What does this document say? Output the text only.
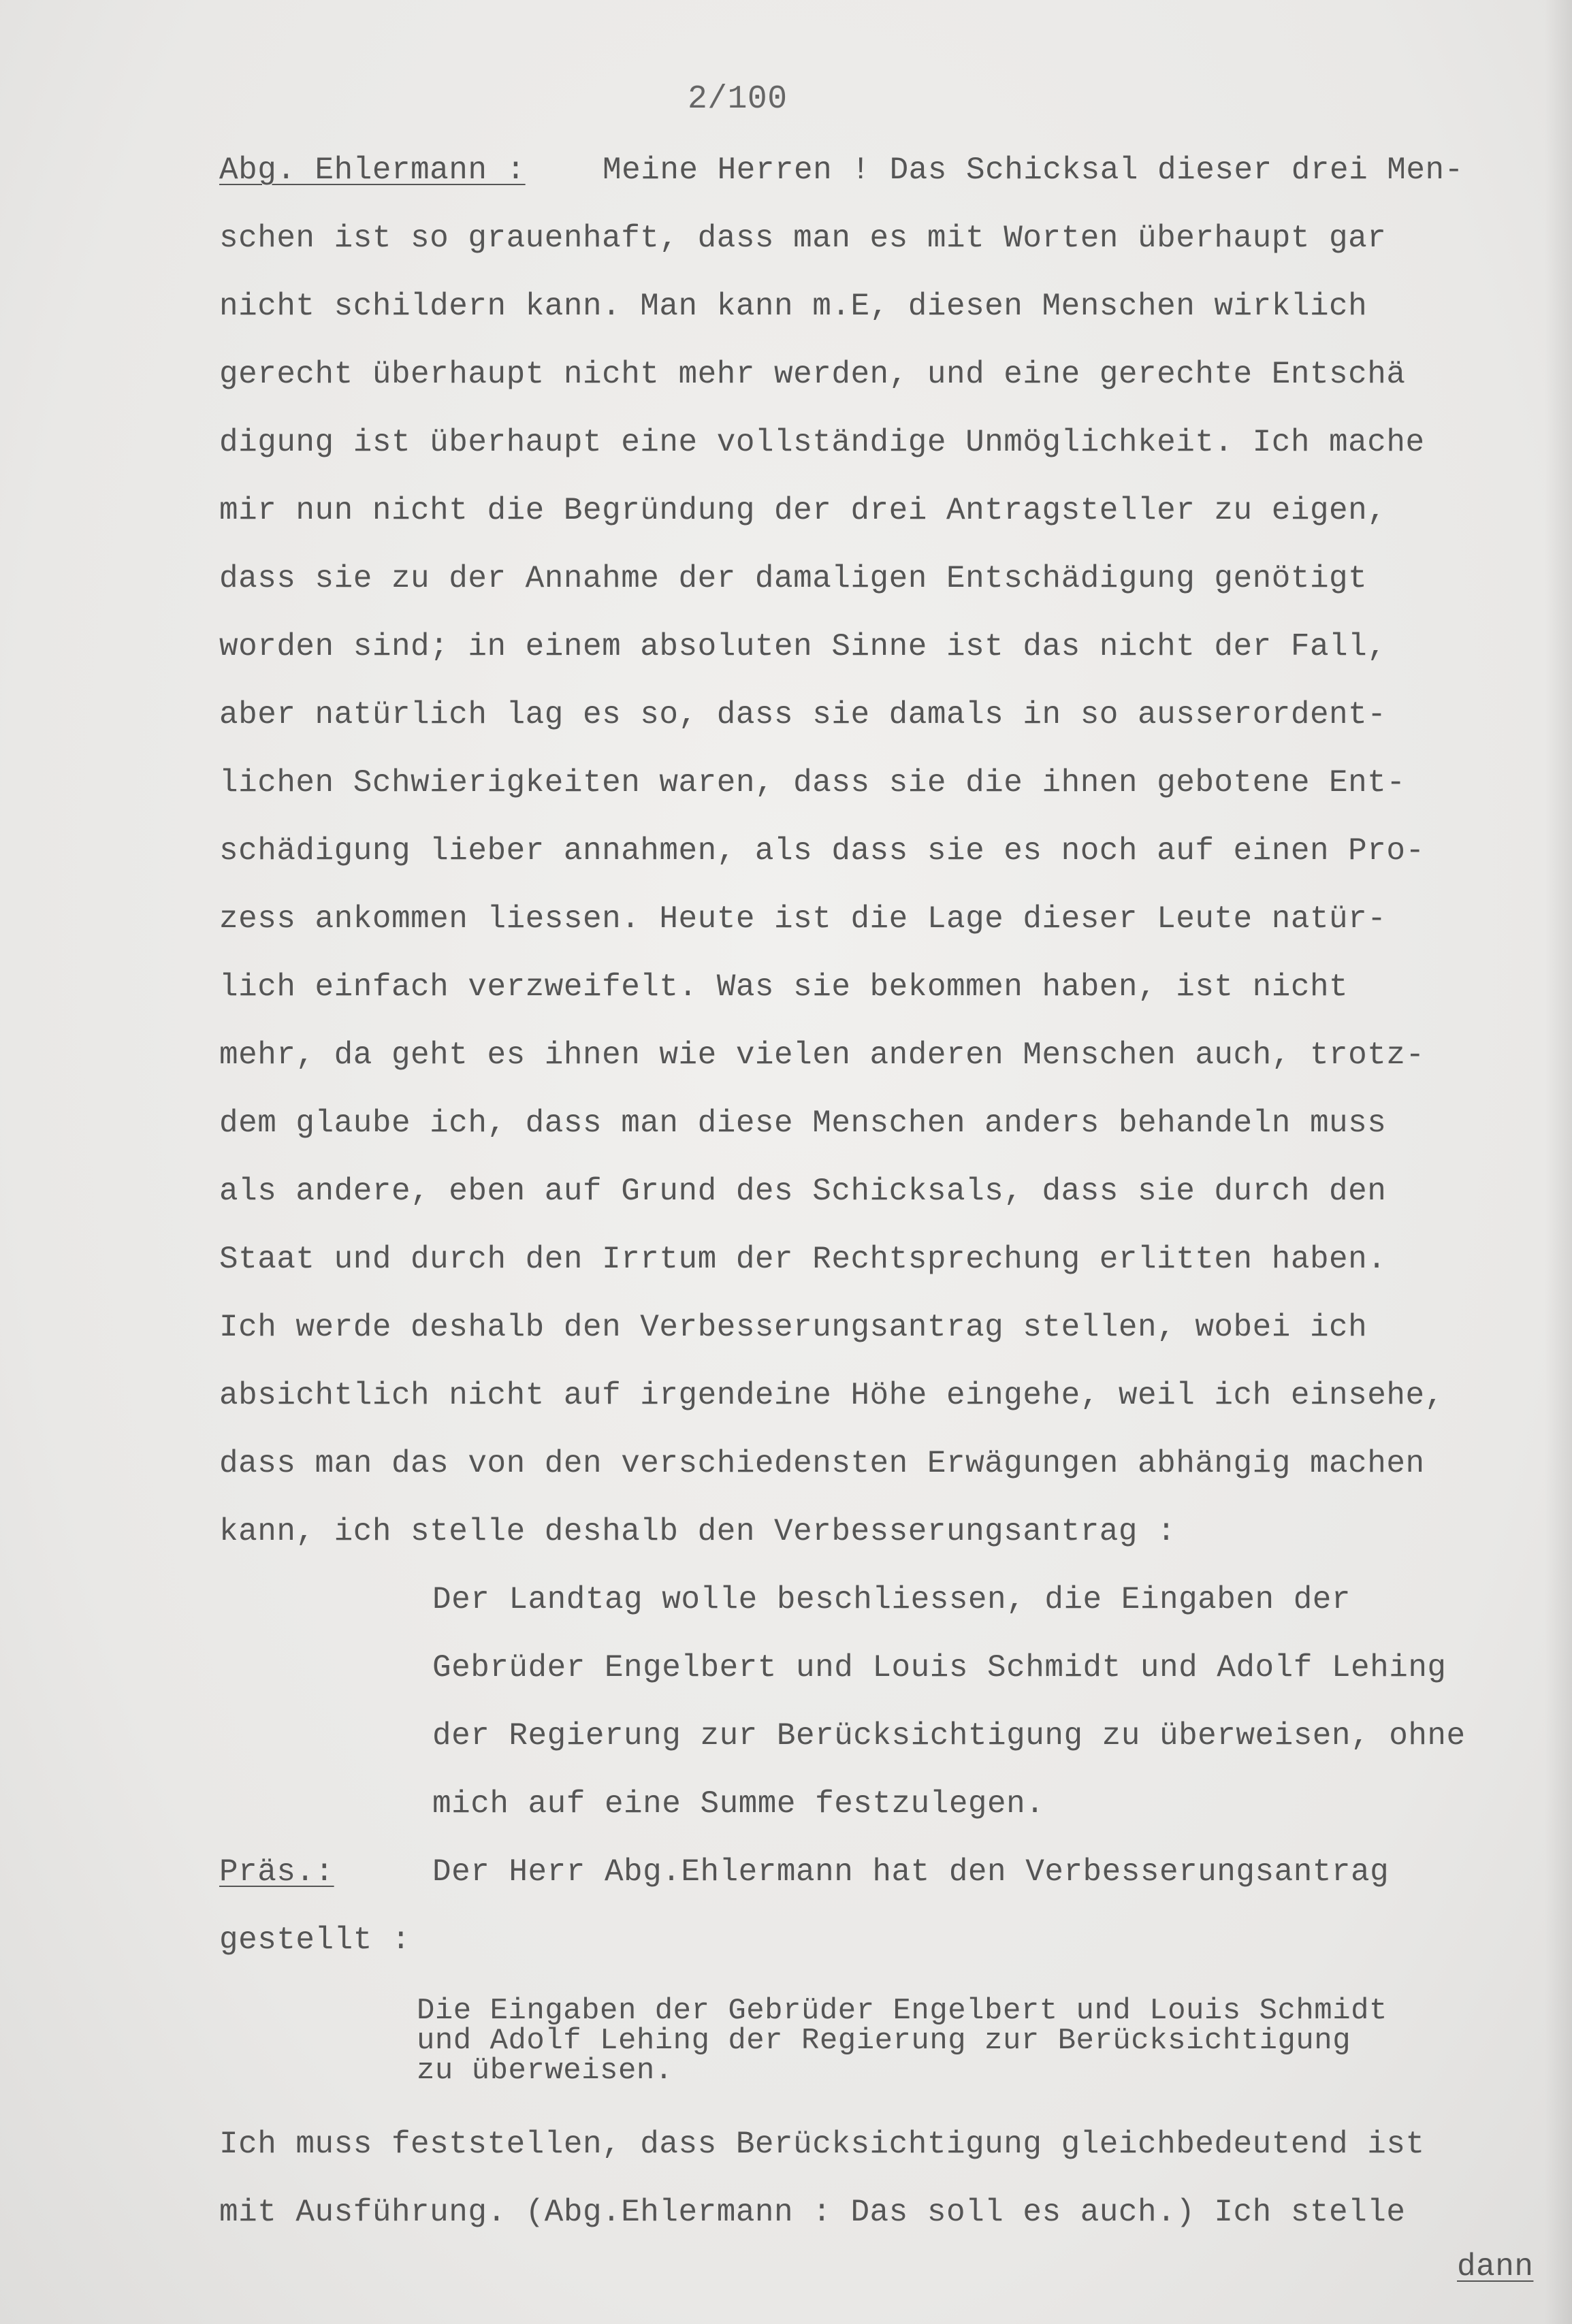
2/100
Abg. Ehlermann : Meine Herren ! Das Schicksal dieser drei Men-
schen ist so grauenhaft, dass man es mit Worten überhaupt gar
nicht schildern kann. Man kann m.E, diesen Menschen wirklich
gerecht überhaupt nicht mehr werden, und eine gerechte Entschä
digung ist überhaupt eine vollständige Unmöglichkeit. Ich mache
mir nun nicht die Begründung der drei Antragsteller zu eigen,
dass sie zu der Annahme der damaligen Entschädigung genötigt
worden sind; in einem absoluten Sinne ist das nicht der Fall,
aber natürlich lag es so, dass sie damals in so ausserordent-
lichen Schwierigkeiten waren, dass sie die ihnen gebotene Ent-
schädigung lieber annahmen, als dass sie es noch auf einen Pro-
zess ankommen liessen. Heute ist die Lage dieser Leute natür-
lich einfach verzweifelt. Was sie bekommen haben, ist nicht
mehr, da geht es ihnen wie vielen anderen Menschen auch, trotz-
dem glaube ich, dass man diese Menschen anders behandeln muss
als andere, eben auf Grund des Schicksals, dass sie durch den
Staat und durch den Irrtum der Rechtsprechung erlitten haben.
Ich werde deshalb den Verbesserungsantrag stellen, wobei ich
absichtlich nicht auf irgendeine Höhe eingehe, weil ich einsehe,
dass man das von den verschiedensten Erwägungen abhängig machen
kann, ich stelle deshalb den Verbesserungsantrag :
Der Landtag wolle beschliessen, die Eingaben der
Gebrüder Engelbert und Louis Schmidt und Adolf Lehing
der Regierung zur Berücksichtigung zu überweisen, ohne
mich auf eine Summe festzulegen.
Präs.:	Der Herr Abg.Ehlermann hat den Verbesserungsantrag
gestellt :
Die Eingaben der Gebrüder Engelbert und Louis Schmidt
und Adolf Lehing der Regierung zur Berücksichtigung
zu überweisen.
Ich muss feststellen, dass Berücksichtigung gleichbedeutend ist
mit Ausführung. (Abg.Ehlermann : Das soll es auch.) Ich stelle
dann
